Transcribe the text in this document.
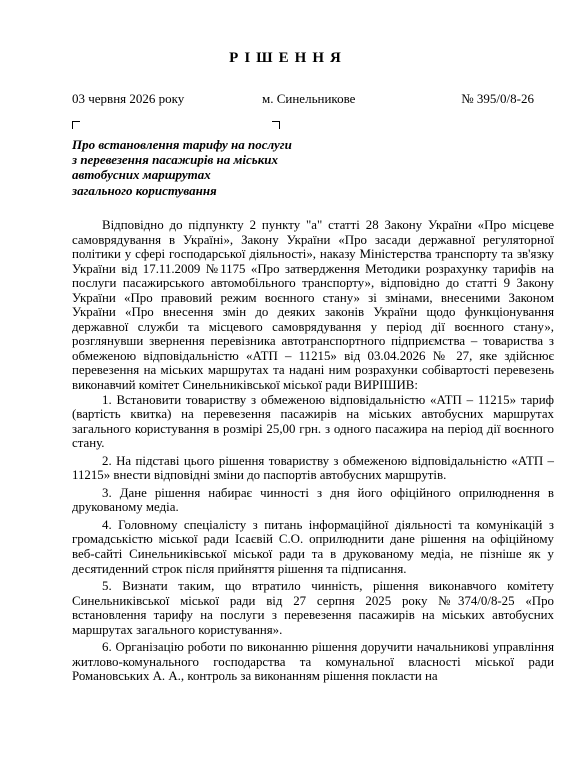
РІШЕННЯ
03 червня 2026 року	м. Синельникове	№ 395/0/8-26
Про встановлення тарифу на послуги
з перевезення пасажирів на міських
автобусних маршрутах
загального користування

Відповідно до підпункту 2 пункту "а" статті 28 Закону України «Про місцеве самоврядування в Україні», Закону України «Про засади державної регуляторної політики у сфері господарської діяльності», наказу Міністерства транспорту та зв'язку України від 17.11.2009 №1175 «Про затвердження Методики розрахунку тарифів на послуги пасажирського автомобільного транспорту», відповідно до статті 9 Закону України «Про правовий режим воєнного стану» зі змінами, внесеними Законом України «Про внесення змін до деяких законів України щодо функціонування державної служби та місцевого самоврядування у період дії воєнного стану», розглянувши звернення перевізника автотранспортного підприємства – товариства з обмеженою відповідальністю «АТП – 11215» від 03.04.2026 № 27, яке здійснює перевезення на міських маршрутах та надані ним розрахунки собівартості перевезень виконавчий комітет Синельниківської міської ради ВИРІШИВ:

1. Встановити товариству з обмеженою відповідальністю «АТП – 11215» тариф (вартість квитка) на перевезення пасажирів на міських автобусних маршрутах загального користування в розмірі 25,00 грн. з одного пасажира на період дії воєнного стану.

2. На підставі цього рішення товариству з обмеженою відповідальністю «АТП – 11215» внести відповідні зміни до паспортів автобусних маршрутів.

3. Дане рішення набирає чинності з дня його офіційного оприлюднення в друкованому медіа.

4. Головному спеціалісту з питань інформаційної діяльності та комунікацій з громадськістю міської ради Ісаєвій С.О. оприлюднити дане рішення на офіційному веб-сайті Синельниківської міської ради та в друкованому медіа, не пізніше як у десятиденний строк після прийняття рішення та підписання.

5. Визнати таким, що втратило чинність, рішення виконавчого комітету Синельниківської міської ради від 27 серпня 2025 року №374/0/8-25 «Про встановлення тарифу на послуги з перевезення пасажирів на міських автобусних маршрутах загального користування».

6. Організацію роботи по виконанню рішення доручити начальникові управління житлово-комунального господарства та комунальної власності міської ради Романовських А. А., контроль за виконанням рішення покласти на
